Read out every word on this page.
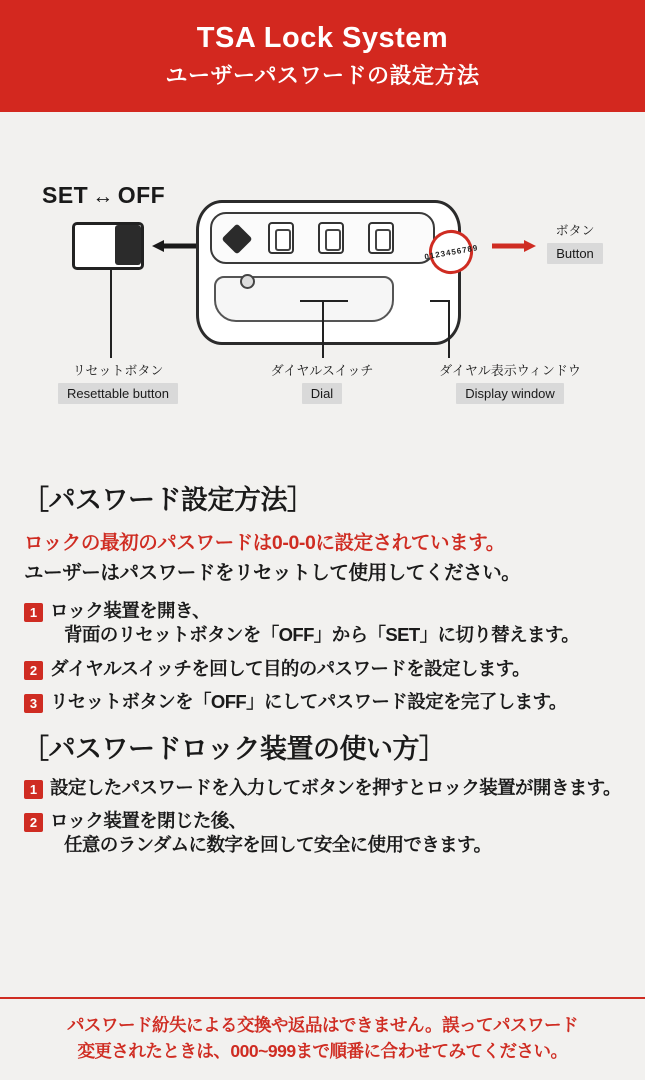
TSA Lock System
ユーザーパスワードの設定方法
0123456789
SET ↔ OFF
リセットボタン
Resettable button
ダイヤルスイッチ
Dial
ダイヤル表示ウィンドウ
Display window
ボタン
Button
［パスワード設定方法］
ロックの最初のパスワードは0-0-0に設定されています。
ユーザーはパスワードをリセットして使用してください。
1 ロック装置を開き、
背面のリセットボタンを「OFF」から「SET」に切り替えます。
2 ダイヤルスイッチを回して目的のパスワードを設定します。
3 リセットボタンを「OFF」にしてパスワード設定を完了します。
［パスワードロック装置の使い方］
1 設定したパスワードを入力してボタンを押すとロック装置が開きます。
2 ロック装置を閉じた後、
任意のランダムに数字を回して安全に使用できます。
パスワード紛失による交換や返品はできません。誤ってパスワード
変更されたときは、000~999まで順番に合わせてみてください。
